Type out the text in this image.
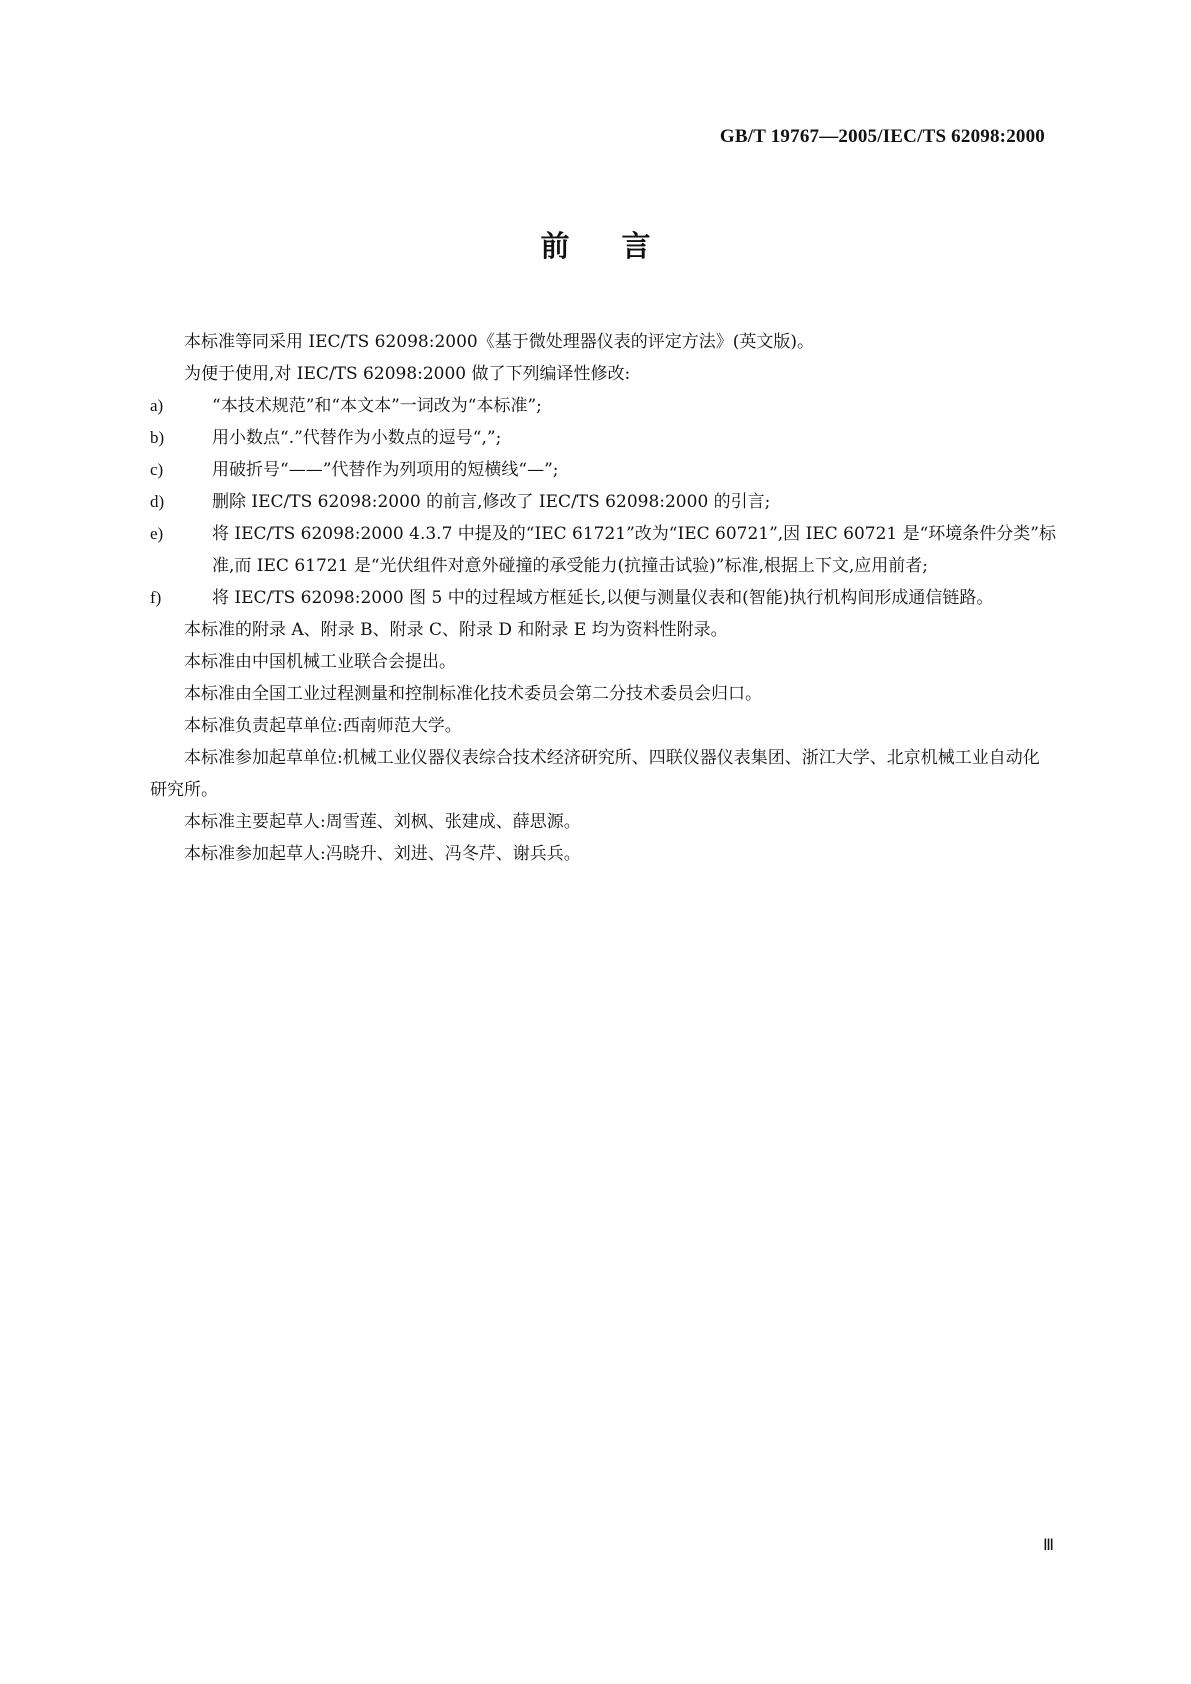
GB/T 19767—2005/IEC/TS 62098:2000
前言

本标准等同采用 IEC/TS 62098:2000《基于微处理器仪表的评定方法》(英文版)。

为便于使用,对 IEC/TS 62098:2000 做了下列编译性修改:

a)	“本技术规范”和“本文本”一词改为“本标准”;
b)	用小数点“.”代替作为小数点的逗号“,”;
c)	用破折号“——”代替作为列项用的短横线“—”;
d)	删除 IEC/TS 62098:2000 的前言,修改了 IEC/TS 62098:2000 的引言;
e)	将 IEC/TS 62098:2000 4.3.7 中提及的“IEC 61721”改为“IEC 60721”,因 IEC 60721 是“环境条件分类”标准,而 IEC 61721 是“光伏组件对意外碰撞的承受能力(抗撞击试验)”标准,根据上下文,应用前者;
f)	将 IEC/TS 62098:2000 图 5 中的过程域方框延长,以便与测量仪表和(智能)执行机构间形成通信链路。

本标准的附录 A、附录 B、附录 C、附录 D 和附录 E 均为资料性附录。

本标准由中国机械工业联合会提出。

本标准由全国工业过程测量和控制标准化技术委员会第二分技术委员会归口。

本标准负责起草单位:西南师范大学。

本标准参加起草单位:机械工业仪器仪表综合技术经济研究所、四联仪器仪表集团、浙江大学、北京机械工业自动化研究所。

本标准主要起草人:周雪莲、刘枫、张建成、薛思源。

本标准参加起草人:冯晓升、刘进、冯冬芹、谢兵兵。

Ⅲ
